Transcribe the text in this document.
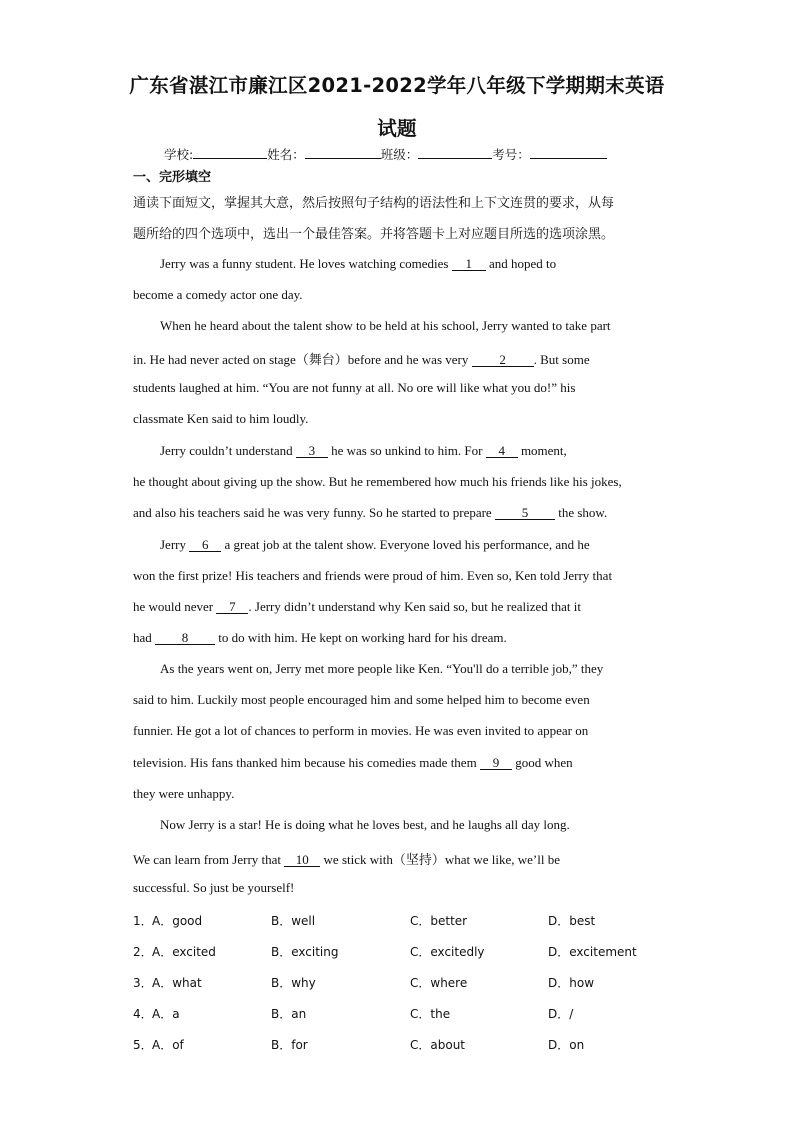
广东省湛江市廉江区2021-2022学年八年级下学期期末英语
试题
学校:	姓名：	班级：	考号：
一、完形填空
通读下面短文，掌握其大意，然后按照句子结构的语法性和上下文连贯的要求，从每
题所给的四个选项中，选出一个最佳答案。并将答题卡上对应题目所选的选项涂黑。
Jerry was a funny student. He loves watching comedies 1 and hoped to
become a comedy actor one day.
When he heard about the talent show to be held at his school, Jerry wanted to take part
in. He had never acted on stage（舞台）before and he was very 2 . But some
students laughed at him. “You are not funny at all. No ore will like what you do!” his
classmate Ken said to him loudly.
Jerry couldn’t understand 3 he was so unkind to him. For 4 moment,
he thought about giving up the show. But he remembered how much his friends like his jokes,
and also his teachers said he was very funny. So he started to prepare 5 the show.
Jerry 6 a great job at the talent show. Everyone loved his performance, and he
won the first prize! His teachers and friends were proud of him. Even so, Ken told Jerry that
he would never 7 . Jerry didn’t understand why Ken said so, but he realized that it
had 8 to do with him. He kept on working hard for his dream.
As the years went on, Jerry met more people like Ken. “You'll do a terrible job,” they
said to him. Luckily most people encouraged him and some helped him to become even
funnier. He got a lot of chances to perform in movies. He was even invited to appear on
television. His fans thanked him because his comedies made them 9 good when
they were unhappy.
Now Jerry is a star! He is doing what he loves best, and he laughs all day long.
We can learn from Jerry that 10 we stick with（坚持）what we like, we’ll be
successful. So just be yourself!
1． A．good	B．well	C．better	D．best
2． A．excited	B．exciting	C．excitedly	D．excitement
3． A．what	B．why	C．where	D．how
4． A．a	B．an	C．the	D．/
5． A．of	B．for	C．about	D．on
